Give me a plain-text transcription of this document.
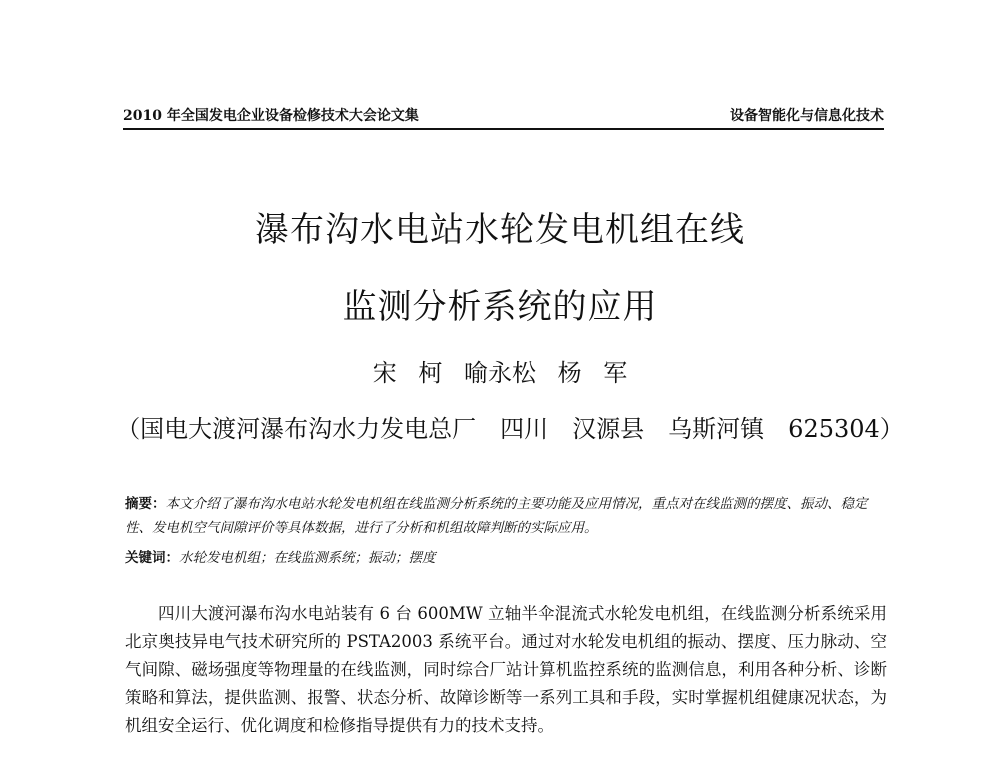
2010 年全国发电企业设备检修技术大会论文集	设备智能化与信息化技术
瀑布沟水电站水轮发电机组在线
监测分析系统的应用
宋 柯 喻永松 杨 军
（国电大渡河瀑布沟水力发电总厂　四川　汉源县　乌斯河镇　625304）
摘要：本文介绍了瀑布沟水电站水轮发电机组在线监测分析系统的主要功能及应用情况，重点对在线监测的摆度、振动、稳定性、发电机空气间隙评价等具体数据，进行了分析和机组故障判断的实际应用。
关键词：水轮发电机组；在线监测系统；振动；摆度
四川大渡河瀑布沟水电站装有 6 台 600MW 立轴半伞混流式水轮发电机组，在线监测分析系统采用北京奥技异电气技术研究所的 PSTA2003 系统平台。通过对水轮发电机组的振动、摆度、压力脉动、空气间隙、磁场强度等物理量的在线监测，同时综合厂站计算机监控系统的监测信息，利用各种分析、诊断策略和算法，提供监测、报警、状态分析、故障诊断等一系列工具和手段，实时掌握机组健康况状态，为机组安全运行、优化调度和检修指导提供有力的技术支持。
